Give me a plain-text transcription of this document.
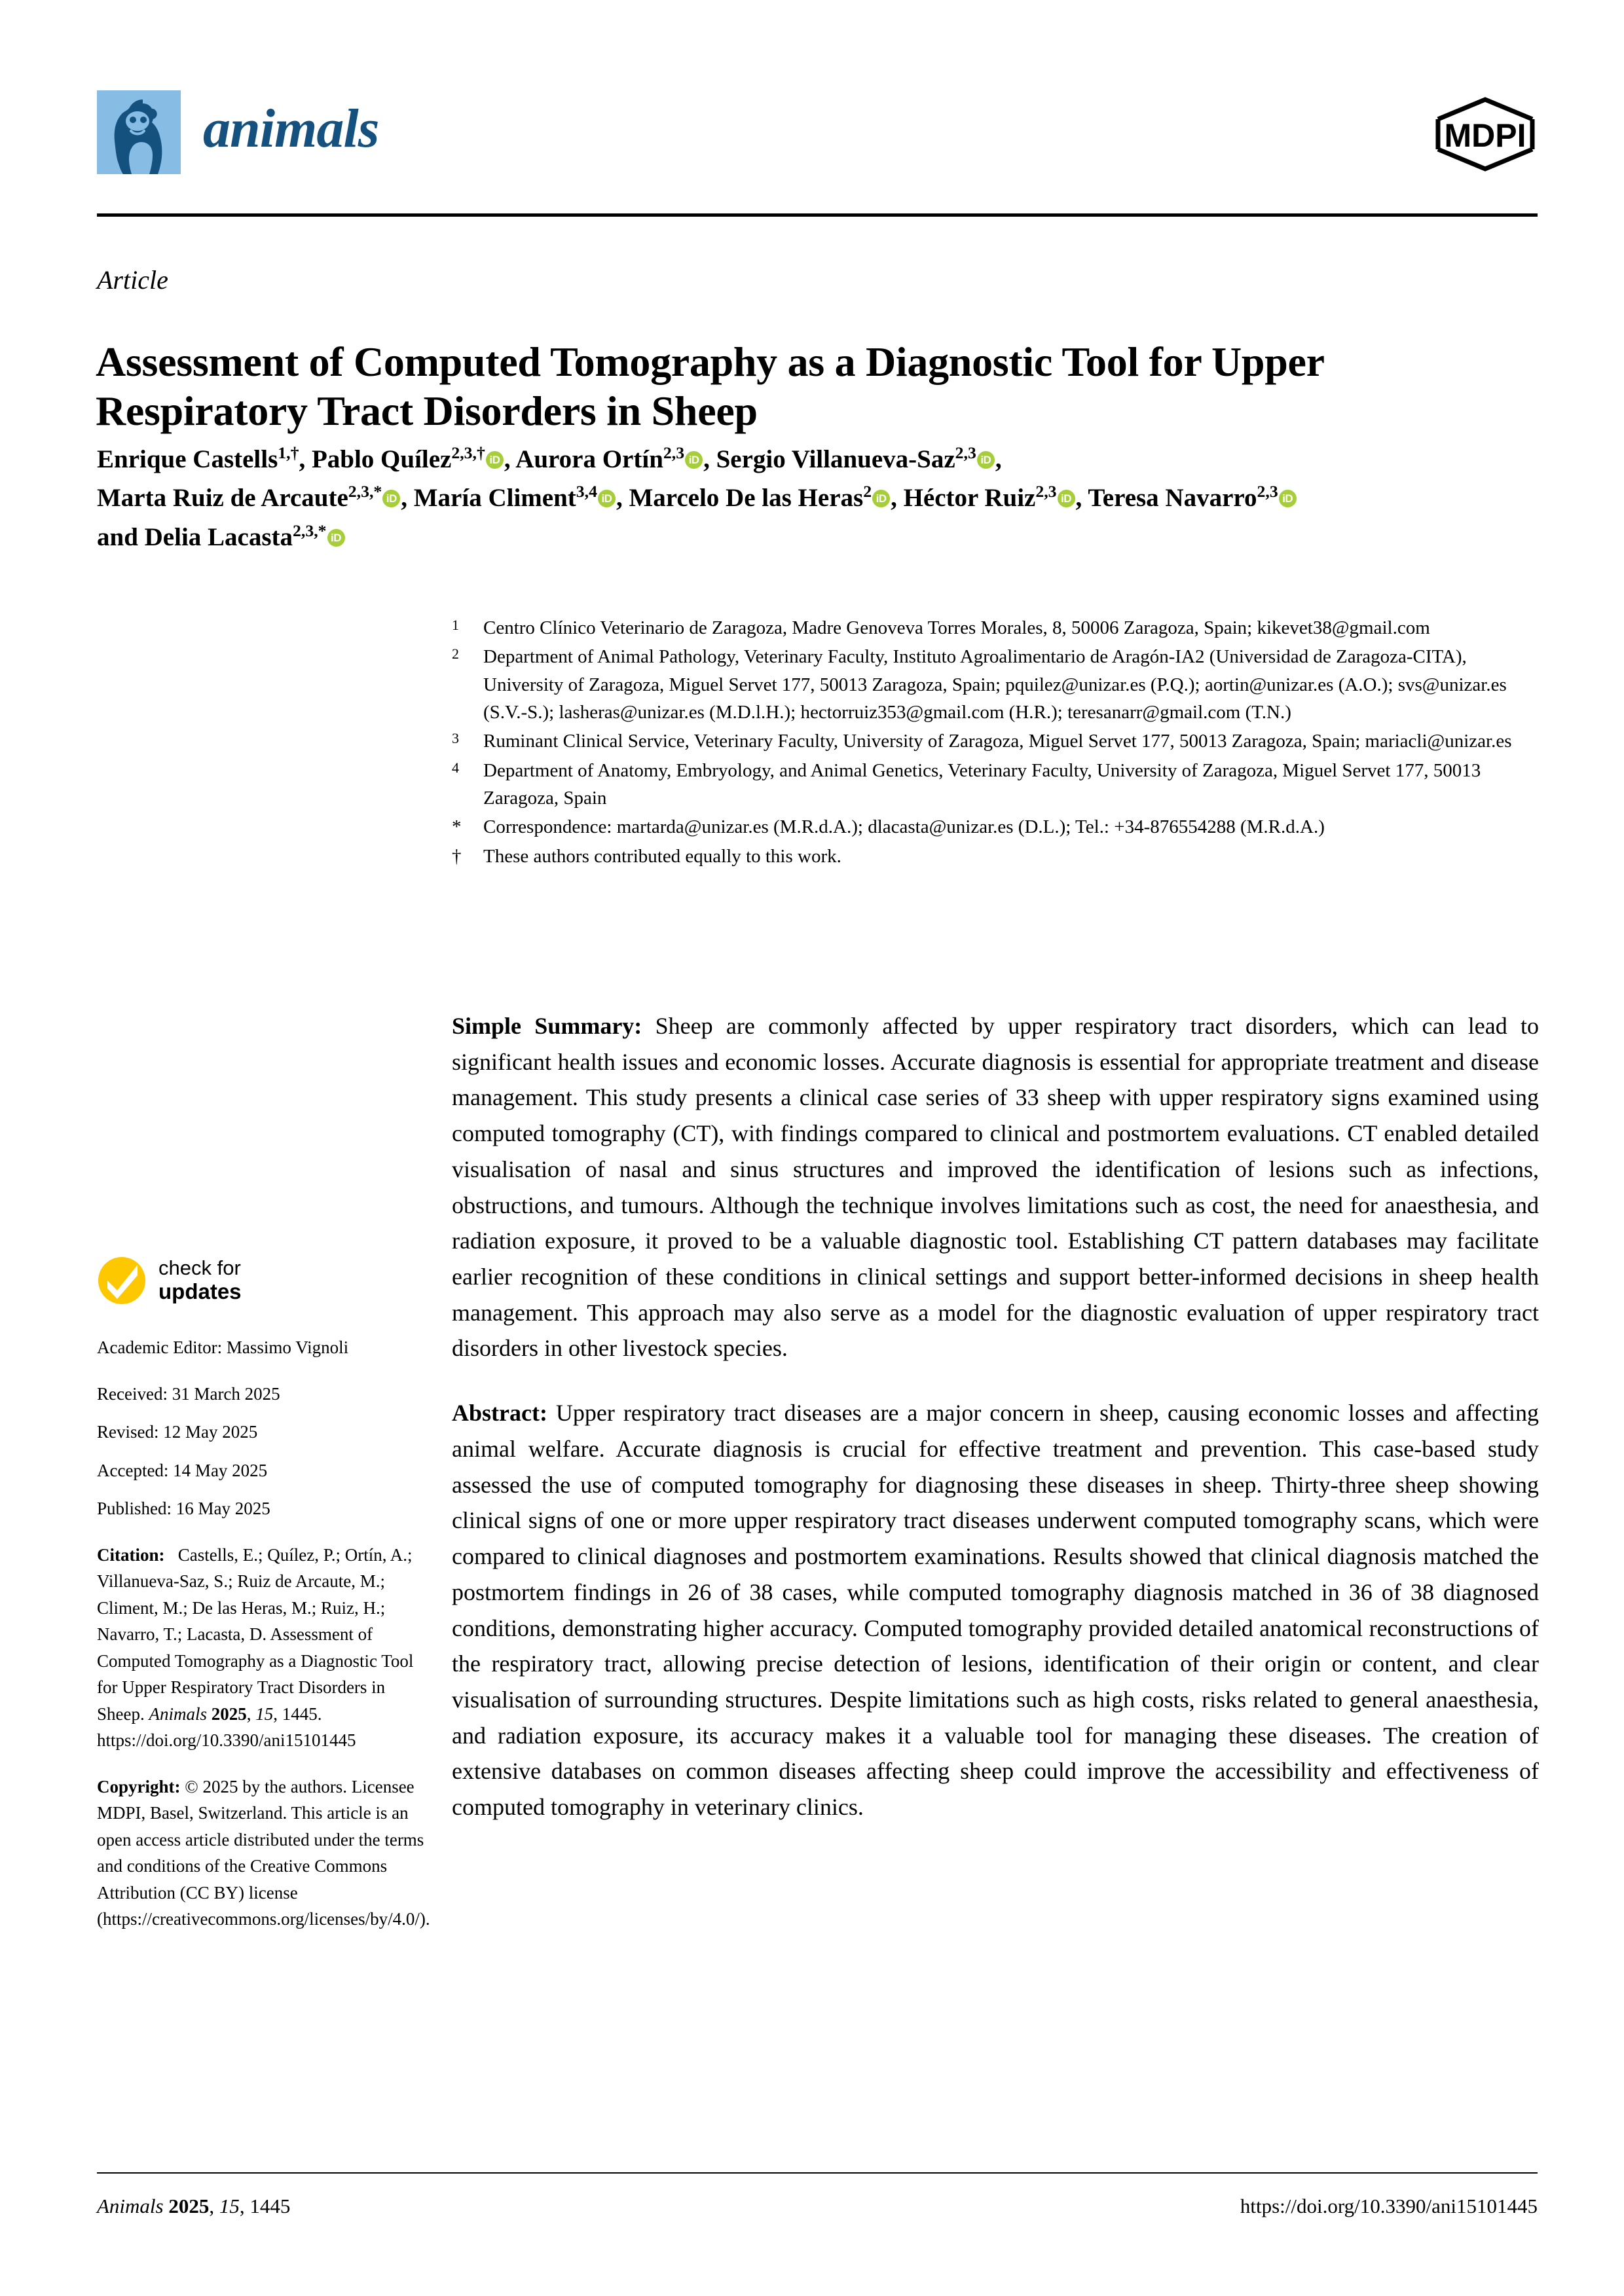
animals	MDPI
Article
Assessment of Computed Tomography as a Diagnostic Tool for Upper Respiratory Tract Disorders in Sheep
Enrique Castells$^{1,\dagger}$, Pablo Quílez$^{2,3,\dagger}$ iD , Aurora Ortín$^{2,3}$ iD , Sergio Villanueva-Saz$^{2,3}$ iD ,
Marta Ruiz de Arcaute$^{2,3,*}$ iD , María Climent$^{3,4}$ iD , Marcelo De las Heras$^2$ iD , Héctor Ruiz$^{2,3}$ iD , Teresa Navarro$^{2,3}$ iD
and Delia Lacasta$^{2,3,*}$ iD
1	Centro Clínico Veterinario de Zaragoza, Madre Genoveva Torres Morales, 8, 50006 Zaragoza, Spain; kikevet38@gmail.com
2	Department of Animal Pathology, Veterinary Faculty, Instituto Agroalimentario de Aragón-IA2 (Universidad de Zaragoza-CITA), University of Zaragoza, Miguel Servet 177, 50013 Zaragoza, Spain; pquilez@unizar.es (P.Q.); aortin@unizar.es (A.O.); svs@unizar.es (S.V.-S.); lasheras@unizar.es (M.D.l.H.); hectorruiz353@gmail.com (H.R.); teresanarr@gmail.com (T.N.)
3	Ruminant Clinical Service, Veterinary Faculty, University of Zaragoza, Miguel Servet 177, 50013 Zaragoza, Spain; mariacli@unizar.es
4	Department of Anatomy, Embryology, and Animal Genetics, Veterinary Faculty, University of Zaragoza, Miguel Servet 177, 50013 Zaragoza, Spain
*	Correspondence: martarda@unizar.es (M.R.d.A.); dlacasta@unizar.es (D.L.); Tel.: +34-876554288 (M.R.d.A.)
†	These authors contributed equally to this work.
check for
updates
Academic Editor: Massimo Vignoli
Received: 31 March 2025
Revised: 12 May 2025
Accepted: 14 May 2025
Published: 16 May 2025
Citation: Castells, E.; Quílez, P.; Ortín, A.; Villanueva-Saz, S.; Ruiz de Arcaute, M.; Climent, M.; De las Heras, M.; Ruiz, H.; Navarro, T.; Lacasta, D. Assessment of Computed Tomography as a Diagnostic Tool for Upper Respiratory Tract Disorders in Sheep. Animals 2025, 15, 1445. https://doi.org/10.3390/ani15101445
Copyright: © 2025 by the authors. Licensee MDPI, Basel, Switzerland. This article is an open access article distributed under the terms and conditions of the Creative Commons Attribution (CC BY) license (https://creativecommons.org/licenses/by/4.0/).
Simple Summary: Sheep are commonly affected by upper respiratory tract disorders, which can lead to significant health issues and economic losses. Accurate diagnosis is essential for appropriate treatment and disease management. This study presents a clinical case series of 33 sheep with upper respiratory signs examined using computed tomography (CT), with findings compared to clinical and postmortem evaluations. CT enabled detailed visualisation of nasal and sinus structures and improved the identification of lesions such as infections, obstructions, and tumours. Although the technique involves limitations such as cost, the need for anaesthesia, and radiation exposure, it proved to be a valuable diagnostic tool. Establishing CT pattern databases may facilitate earlier recognition of these conditions in clinical settings and support better-informed decisions in sheep health management. This approach may also serve as a model for the diagnostic evaluation of upper respiratory tract disorders in other livestock species.
Abstract: Upper respiratory tract diseases are a major concern in sheep, causing economic losses and affecting animal welfare. Accurate diagnosis is crucial for effective treatment and prevention. This case-based study assessed the use of computed tomography for diagnosing these diseases in sheep. Thirty-three sheep showing clinical signs of one or more upper respiratory tract diseases underwent computed tomography scans, which were compared to clinical diagnoses and postmortem examinations. Results showed that clinical diagnosis matched the postmortem findings in 26 of 38 cases, while computed tomography diagnosis matched in 36 of 38 diagnosed conditions, demonstrating higher accuracy. Computed tomography provided detailed anatomical reconstructions of the respiratory tract, allowing precise detection of lesions, identification of their origin or content, and clear visualisation of surrounding structures. Despite limitations such as high costs, risks related to general anaesthesia, and radiation exposure, its accuracy makes it a valuable tool for managing these diseases. The creation of extensive databases on common diseases affecting sheep could improve the accessibility and effectiveness of computed tomography in veterinary clinics.
Animals 2025, 15, 1445	https://doi.org/10.3390/ani15101445
